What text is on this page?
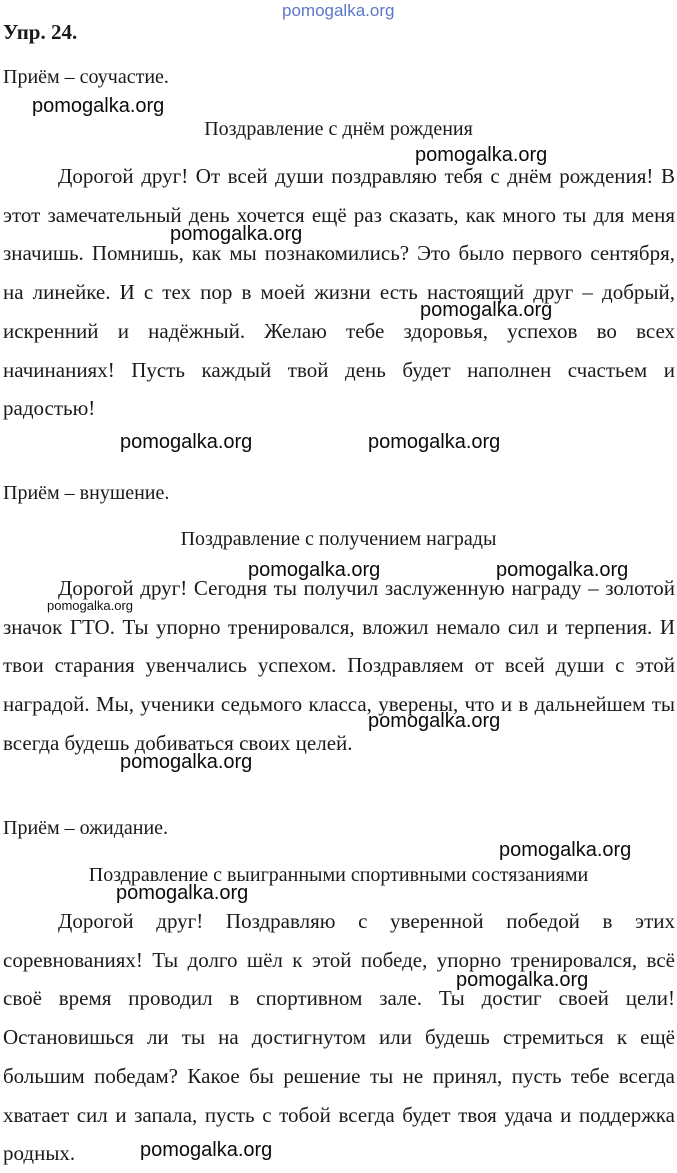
pomogalka.org
Упр. 24.
Приём – соучастие.
Поздравление с днём рождения

Дорогой друг! От всей души поздравляю тебя с днём рождения! В этот замечательный день хочется ещё раз сказать, как много ты для меня значишь. Помнишь, как мы познакомились? Это было первого сентября, на линейке. И с тех пор в моей жизни есть настоящий друг – добрый, искренний и надёжный. Желаю тебе здоровья, успехов во всех начинаниях! Пусть каждый твой день будет наполнен счастьем и радостью!

Приём – внушение.
Поздравление с получением награды

Дорогой друг! Сегодня ты получил заслуженную награду – золотой значок ГТО. Ты упорно тренировался, вложил немало сил и терпения. И твои старания увенчались успехом. Поздравляем от всей души с этой наградой. Мы, ученики седьмого класса, уверены, что и в дальнейшем ты всегда будешь добиваться своих целей.

Приём – ожидание.
Поздравление с выигранными спортивными состязаниями

Дорогой друг! Поздравляю с уверенной победой в этих соревнованиях! Ты долго шёл к этой победе, упорно тренировался, всё своё время проводил в спортивном зале. Ты достиг своей цели! Остановишься ли ты на достигнутом или будешь стремиться к ещё большим победам? Какое бы решение ты не принял, пусть тебе всегда хватает сил и запала, пусть с тобой всегда будет твоя удача и поддержка родных.

pomogalka.org
pomogalka.org
pomogalka.org
pomogalka.org
pomogalka.org	pomogalka.org
pomogalka.org	pomogalka.org
pomogalka.org
pomogalka.org
pomogalka.org
pomogalka.org
pomogalka.org
pomogalka.org
pomogalka.org
